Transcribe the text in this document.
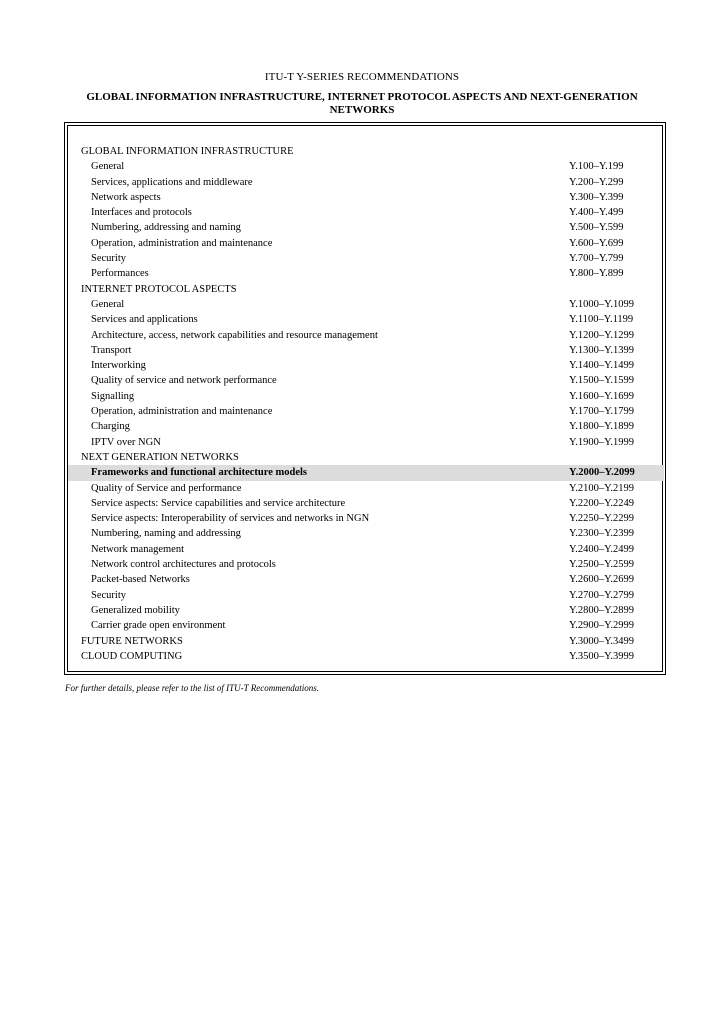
ITU-T Y-SERIES RECOMMENDATIONS
GLOBAL INFORMATION INFRASTRUCTURE, INTERNET PROTOCOL ASPECTS AND NEXT-GENERATION NETWORKS
GLOBAL INFORMATION INFRASTRUCTURE
General	Y.100–Y.199
Services, applications and middleware	Y.200–Y.299
Network aspects	Y.300–Y.399
Interfaces and protocols	Y.400–Y.499
Numbering, addressing and naming	Y.500–Y.599
Operation, administration and maintenance	Y.600–Y.699
Security	Y.700–Y.799
Performances	Y.800–Y.899
INTERNET PROTOCOL ASPECTS
General	Y.1000–Y.1099
Services and applications	Y.1100–Y.1199
Architecture, access, network capabilities and resource management	Y.1200–Y.1299
Transport	Y.1300–Y.1399
Interworking	Y.1400–Y.1499
Quality of service and network performance	Y.1500–Y.1599
Signalling	Y.1600–Y.1699
Operation, administration and maintenance	Y.1700–Y.1799
Charging	Y.1800–Y.1899
IPTV over NGN	Y.1900–Y.1999
NEXT GENERATION NETWORKS
Frameworks and functional architecture models	Y.2000–Y.2099
Quality of Service and performance	Y.2100–Y.2199
Service aspects: Service capabilities and service architecture	Y.2200–Y.2249
Service aspects: Interoperability of services and networks in NGN	Y.2250–Y.2299
Numbering, naming and addressing	Y.2300–Y.2399
Network management	Y.2400–Y.2499
Network control architectures and protocols	Y.2500–Y.2599
Packet-based Networks	Y.2600–Y.2699
Security	Y.2700–Y.2799
Generalized mobility	Y.2800–Y.2899
Carrier grade open environment	Y.2900–Y.2999
FUTURE NETWORKS	Y.3000–Y.3499
CLOUD COMPUTING	Y.3500–Y.3999
For further details, please refer to the list of ITU-T Recommendations.
